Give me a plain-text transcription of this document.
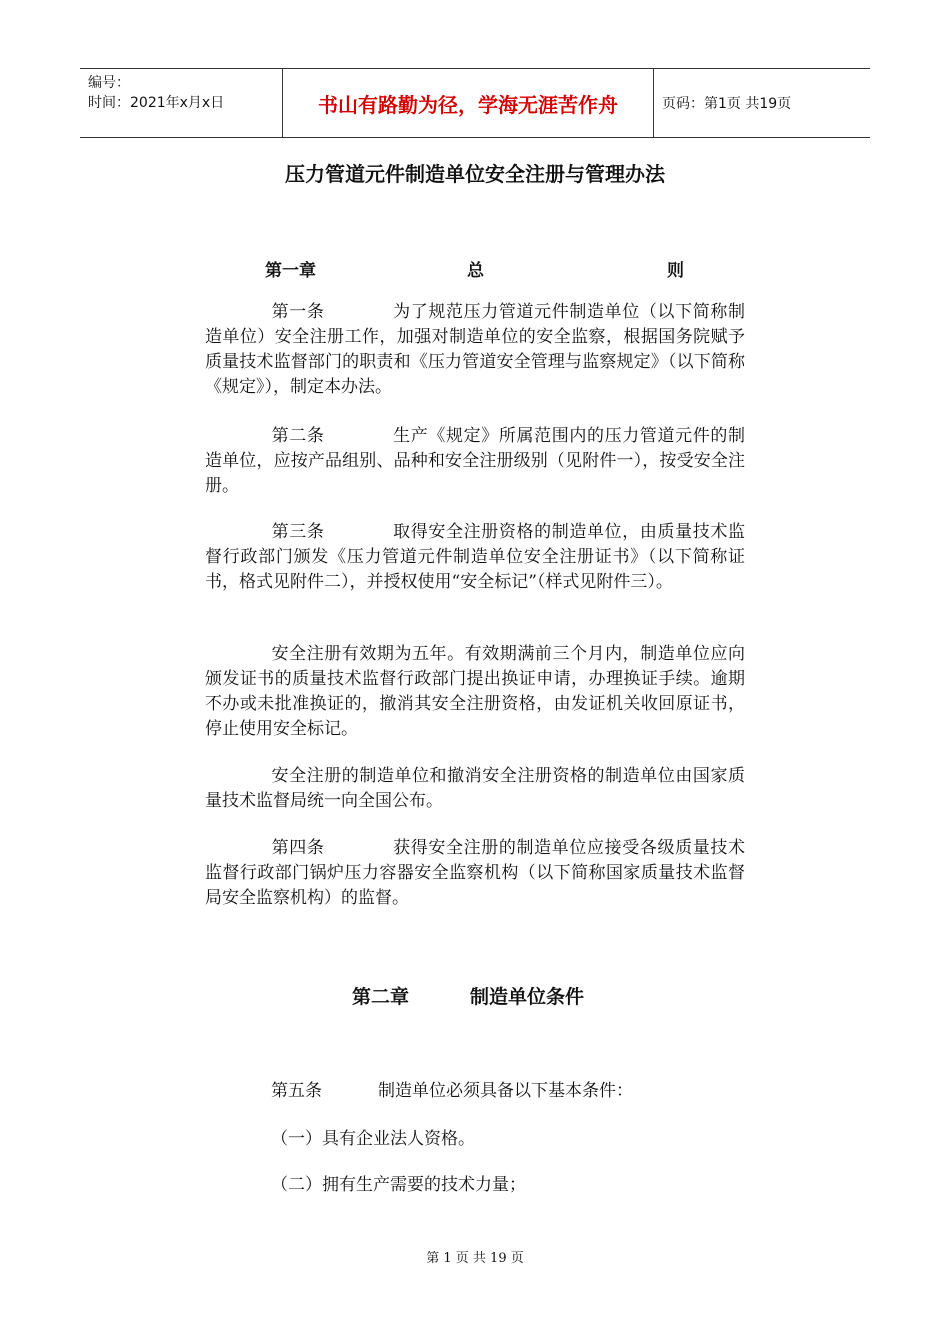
编号：
时间：2021年x月x日	书山有路勤为径，学海无涯苦作舟	页码：第1页 共19页
压力管道元件制造单位安全注册与管理办法
第一章	总	则
第一条	为了规范压力管道元件制造单位（以下简称制造单位）安全注册工作，加强对制造单位的安全监察，根据国务院赋予质量技术监督部门的职责和《压力管道安全管理与监察规定》（以下简称《规定》），制定本办法。
第二条	生产《规定》所属范围内的压力管道元件的制造单位，应按产品组别、品种和安全注册级别（见附件一），按受安全注册。
第三条	取得安全注册资格的制造单位，由质量技术监督行政部门颁发《压力管道元件制造单位安全注册证书》（以下简称证书，格式见附件二），并授权使用“安全标记”（样式见附件三）。
安全注册有效期为五年。有效期满前三个月内，制造单位应向颁发证书的质量技术监督行政部门提出换证申请，办理换证手续。逾期不办或未批准换证的，撤消其安全注册资格，由发证机关收回原证书，停止使用安全标记。
安全注册的制造单位和撤消安全注册资格的制造单位由国家质量技术监督局统一向全国公布。
第四条	获得安全注册的制造单位应接受各级质量技术监督行政部门锅炉压力容器安全监察机构（以下简称国家质量技术监督局安全监察机构）的监督。
第二章	制造单位条件
第五条	制造单位必须具备以下基本条件：
（一）具有企业法人资格。
（二）拥有生产需要的技术力量；
第 1 页 共 19 页
